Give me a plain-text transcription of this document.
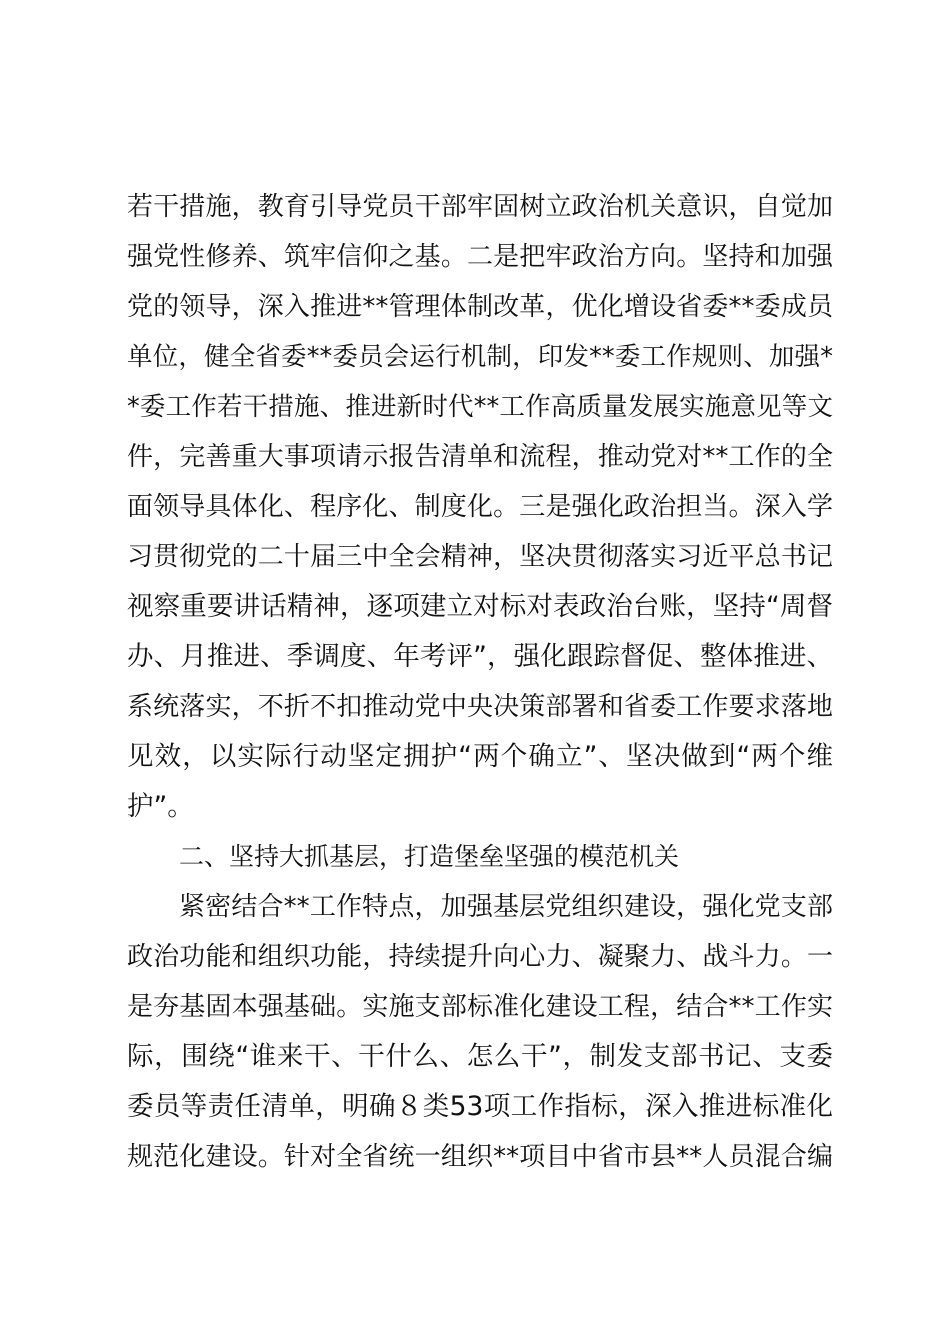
若干措施，教育引导党员干部牢固树立政治机关意识，自觉加
强党性修养、筑牢信仰之基。二是把牢政治方向。坚持和加强
党的领导，深入推进**管理体制改革，优化增设省委**委成员
单位，健全省委**委员会运行机制，印发**委工作规则、加强*
*委工作若干措施、推进新时代**工作高质量发展实施意见等文
件，完善重大事项请示报告清单和流程，推动党对**工作的全
面领导具体化、程序化、制度化。三是强化政治担当。深入学
习贯彻党的二十届三中全会精神，坚决贯彻落实习近平总书记
视察重要讲话精神，逐项建立对标对表政治台账，坚持“周督
办、月推进、季调度、年考评”，强化跟踪督促、整体推进、
系统落实，不折不扣推动党中央决策部署和省委工作要求落地
见效，以实际行动坚定拥护“两个确立”、坚决做到“两个维
护”。
二、坚持大抓基层，打造堡垒坚强的模范机关
紧密结合**工作特点，加强基层党组织建设，强化党支部
政治功能和组织功能，持续提升向心力、凝聚力、战斗力。一
是夯基固本强基础。实施支部标准化建设工程，结合**工作实
际，围绕“谁来干、干什么、怎么干”，制发支部书记、支委
委员等责任清单，明确８类53项工作指标，深入推进标准化
规范化建设。针对全省统一组织**项目中省市县**人员混合编
